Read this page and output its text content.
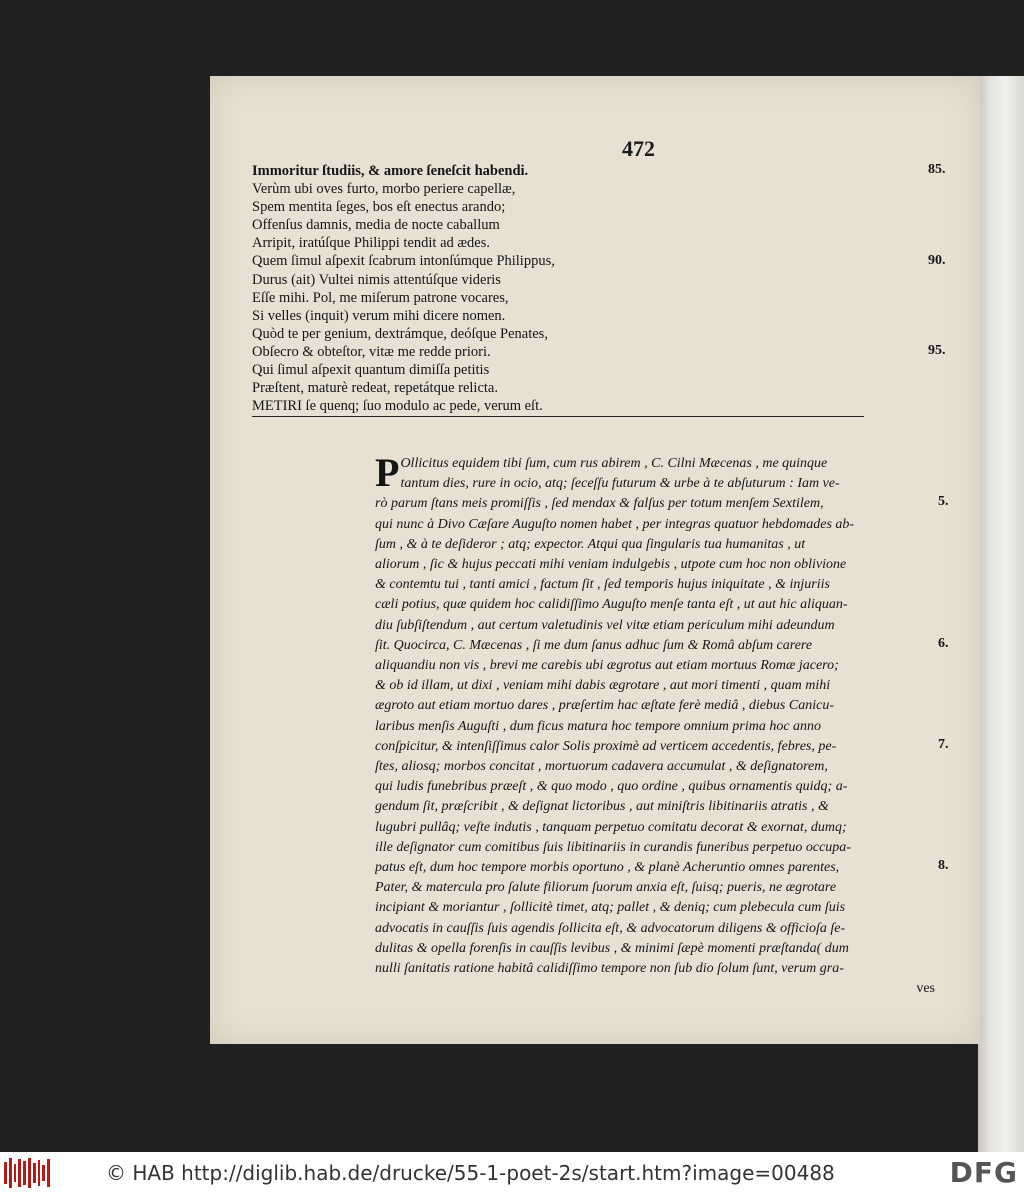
472
Immoritur ſtudiis, & amore ſeneſcit habendi.
Verùm ubi oves furto, morbo periere capellæ,
Spem mentita ſeges, bos eſt enectus arando;
Offenſus damnis, media de nocte caballum
Arripit, iratúſque Philippi tendit ad ædes.
Quem ſimul aſpexit ſcabrum intonſúmque Philippus,
Durus (ait) Vultei nimis attentúſque videris
Eſſe mihi. Pol, me miſerum patrone vocares,
Si velles (inquit) verum mihi dicere nomen.
Quòd te per genium, dextrámque, deóſque Penates,
Obſecro & obteſtor, vitæ me redde priori.
Qui ſimul aſpexit quantum dimiſſa petitis
Præſtent, maturè redeat, repetátque relicta.
METIRI ſe quenq; ſuo modulo ac pede, verum eſt.
85.
90.
95.
P Ollicitus equidem tibi ſum, cum rus abirem , C. Cilni Mæcenas , me quinque
tantum dies, rure in ocio, atq; ſeceſſu futurum & urbe à te abſuturum : Iam ve-
rò parum ſtans meis promiſſis , ſed mendax & falſus per totum menſem Sextilem,
qui nunc à Divo Cæſare Auguſto nomen habet , per integras quatuor hebdomades ab-
ſum , & à te deſideror ; atq; expector. Atqui qua ſingularis tua humanitas , ut
aliorum , ſic & hujus peccati mihi veniam indulgebis , utpote cum hoc non oblivione
& contemtu tui , tanti amici , factum ſit , ſed temporis hujus iniquitate , & injuriis
cæli potius, quæ quidem hoc calidiſſimo Auguſto menſe tanta eſt , ut aut hic aliquan-
diu ſubſiſtendum , aut certum valetudinis vel vitæ etiam periculum mihi adeundum
ſit. Quocirca, C. Mæcenas , ſi me dum ſanus adhuc ſum & Româ abſum carere
aliquandiu non vis , brevi me carebis ubi ægrotus aut etiam mortuus Romæ jacero;
& ob id illam, ut dixi , veniam mihi dabis ægrotare , aut mori timenti , quam mihi
ægroto aut etiam mortuo dares , præſertim hac æſtate ferè mediâ , diebus Canicu-
laribus menſis Auguſti , dum ficus matura hoc tempore omnium prima hoc anno
conſpicitur, & intenſiſſimus calor Solis proximè ad verticem accedentis, febres, pe-
ſtes, aliosq; morbos concitat , mortuorum cadavera accumulat , & deſignatorem,
qui ludis funebribus præeſt , & quo modo , quo ordine , quibus ornamentis quidq; a-
gendum ſit, præſcribit , & deſignat lictoribus , aut miniſtris libitinariis atratis , &
lugubri pullâq; veſte indutis , tanquam perpetuo comitatu decorat & exornat, dumq;
ille deſignator cum comitibus ſuis libitinariis in curandis funeribus perpetuo occupa-
patus eſt, dum hoc tempore morbis oportuno , & planè Acheruntio omnes parentes,
Pater, & matercula pro ſalute filiorum ſuorum anxia eſt, ſuisq; pueris, ne ægrotare
incipiant & moriantur , ſollicitè timet, atq; pallet , & deniq; cum plebecula cum ſuis
advocatis in cauſſis ſuis agendis ſollicita eſt, & advocatorum diligens & officioſa ſe-
dulitas & opella forenſis in cauſſis levibus , & minimi ſæpè momenti præſtanda( dum
nulli ſanitatis ratione habitâ calidiſſimo tempore non ſub dio ſolum ſunt, verum gra-
ves
5.
6.
7.
8.
© HAB http://diglib.hab.de/drucke/55-1-poet-2s/start.htm?image=00488	DFG
